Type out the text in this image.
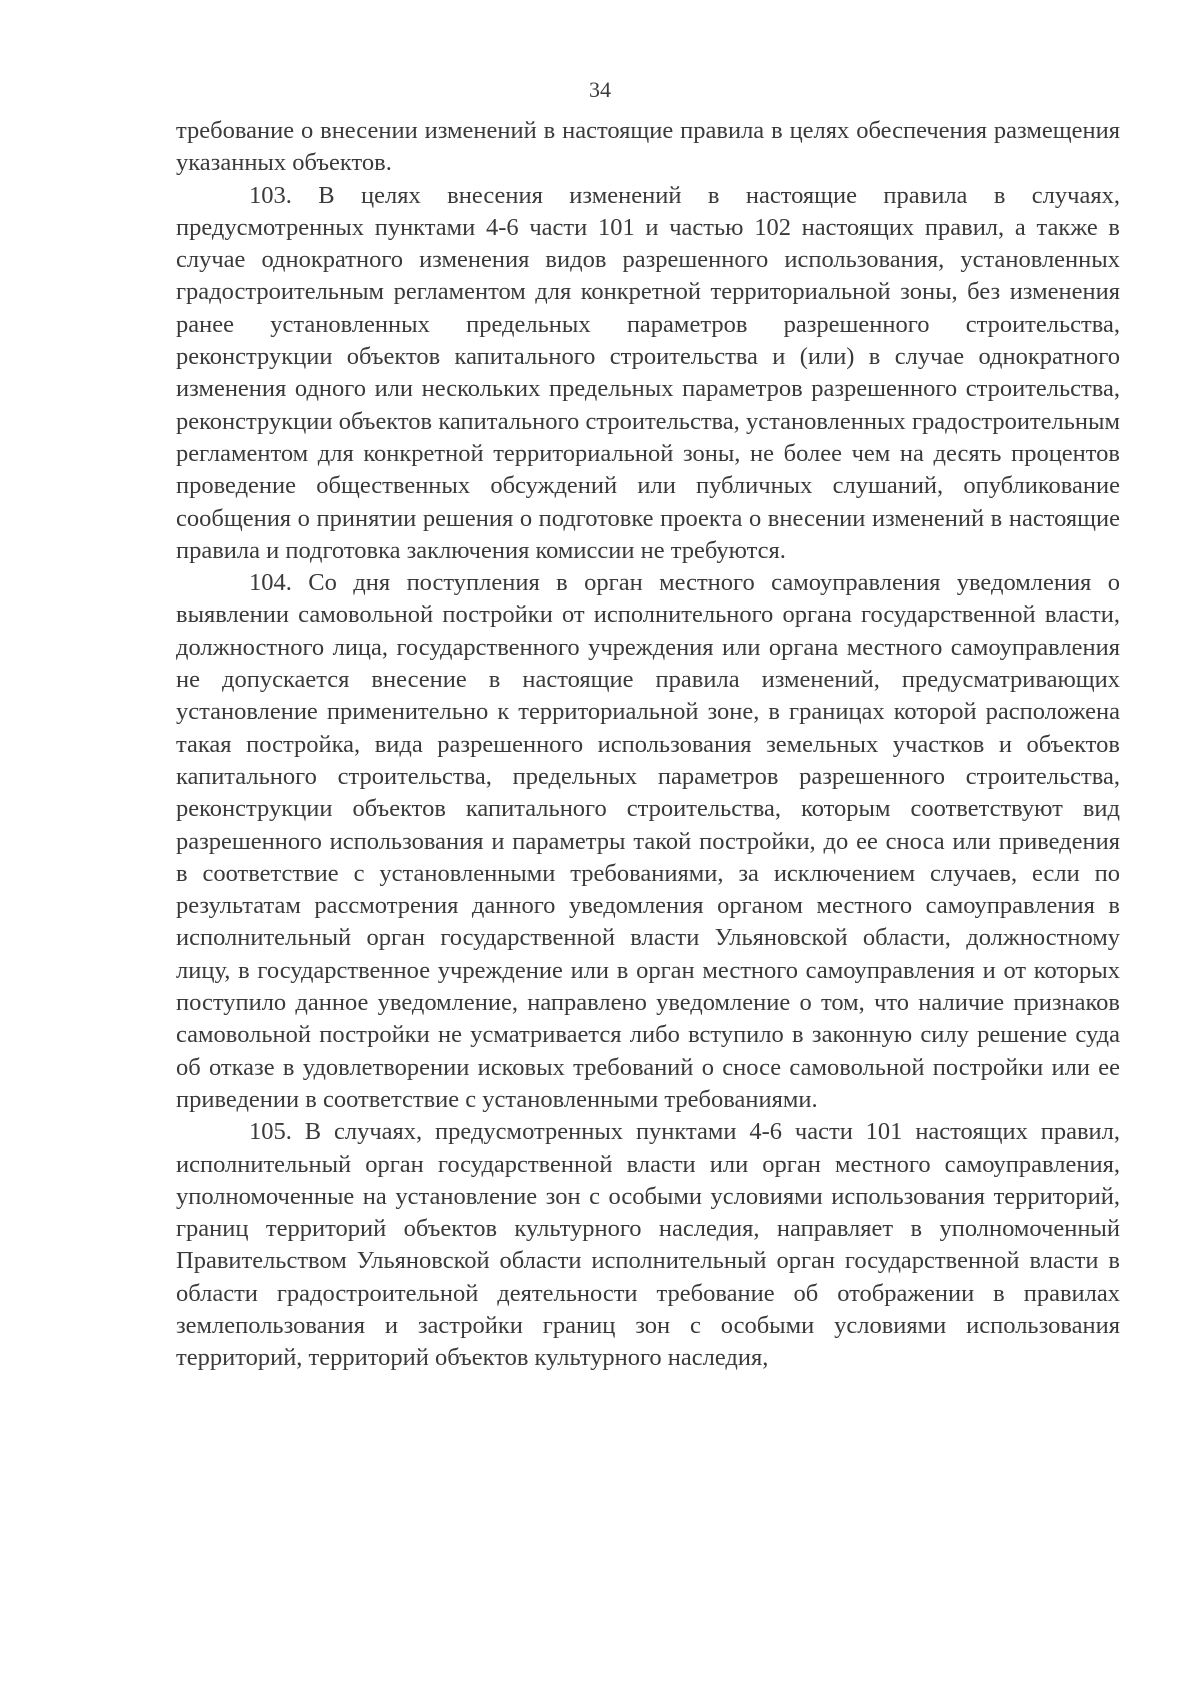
34

требование о внесении изменений в настоящие правила в целях обеспечения размещения указанных объектов.

103. В целях внесения изменений в настоящие правила в случаях, предусмотренных пунктами 4-6 части 101 и частью 102 настоящих правил, а также в случае однократного изменения видов разрешенного использования, установленных градостроительным регламентом для конкретной территориальной зоны, без изменения ранее установленных предельных параметров разрешенного строительства, реконструкции объектов капитального строительства и (или) в случае однократного изменения одного или нескольких предельных параметров разрешенного строительства, реконструкции объектов капитального строительства, установленных градостроительным регламентом для конкретной территориальной зоны, не более чем на десять процентов проведение общественных обсуждений или публичных слушаний, опубликование сообщения о принятии решения о подготовке проекта о внесении изменений в настоящие правила и подготовка заключения комиссии не требуются.

104. Со дня поступления в орган местного самоуправления уведомления о выявлении самовольной постройки от исполнительного органа государственной власти, должностного лица, государственного учреждения или органа местного самоуправления не допускается внесение в настоящие правила изменений, предусматривающих установление применительно к территориальной зоне, в границах которой расположена такая постройка, вида разрешенного использования земельных участков и объектов капитального строительства, предельных параметров разрешенного строительства, реконструкции объектов капитального строительства, которым соответствуют вид разрешенного использования и параметры такой постройки, до ее сноса или приведения в соответствие с установленными требованиями, за исключением случаев, если по результатам рассмотрения данного уведомления органом местного самоуправления в исполнительный орган государственной власти Ульяновской области, должностному лицу, в государственное учреждение или в орган местного самоуправления и от которых поступило данное уведомление, направлено уведомление о том, что наличие признаков самовольной постройки не усматривается либо вступило в законную силу решение суда об отказе в удовлетворении исковых требований о сносе самовольной постройки или ее приведении в соответствие с установленными требованиями.

105. В случаях, предусмотренных пунктами 4-6 части 101 настоящих правил, исполнительный орган государственной власти или орган местного самоуправления, уполномоченные на установление зон с особыми условиями использования территорий, границ территорий объектов культурного наследия, направляет в уполномоченный Правительством Ульяновской области исполнительный орган государственной власти в области градостроительной деятельности требование об отображении в правилах землепользования и застройки границ зон с особыми условиями использования территорий, территорий объектов культурного наследия,
